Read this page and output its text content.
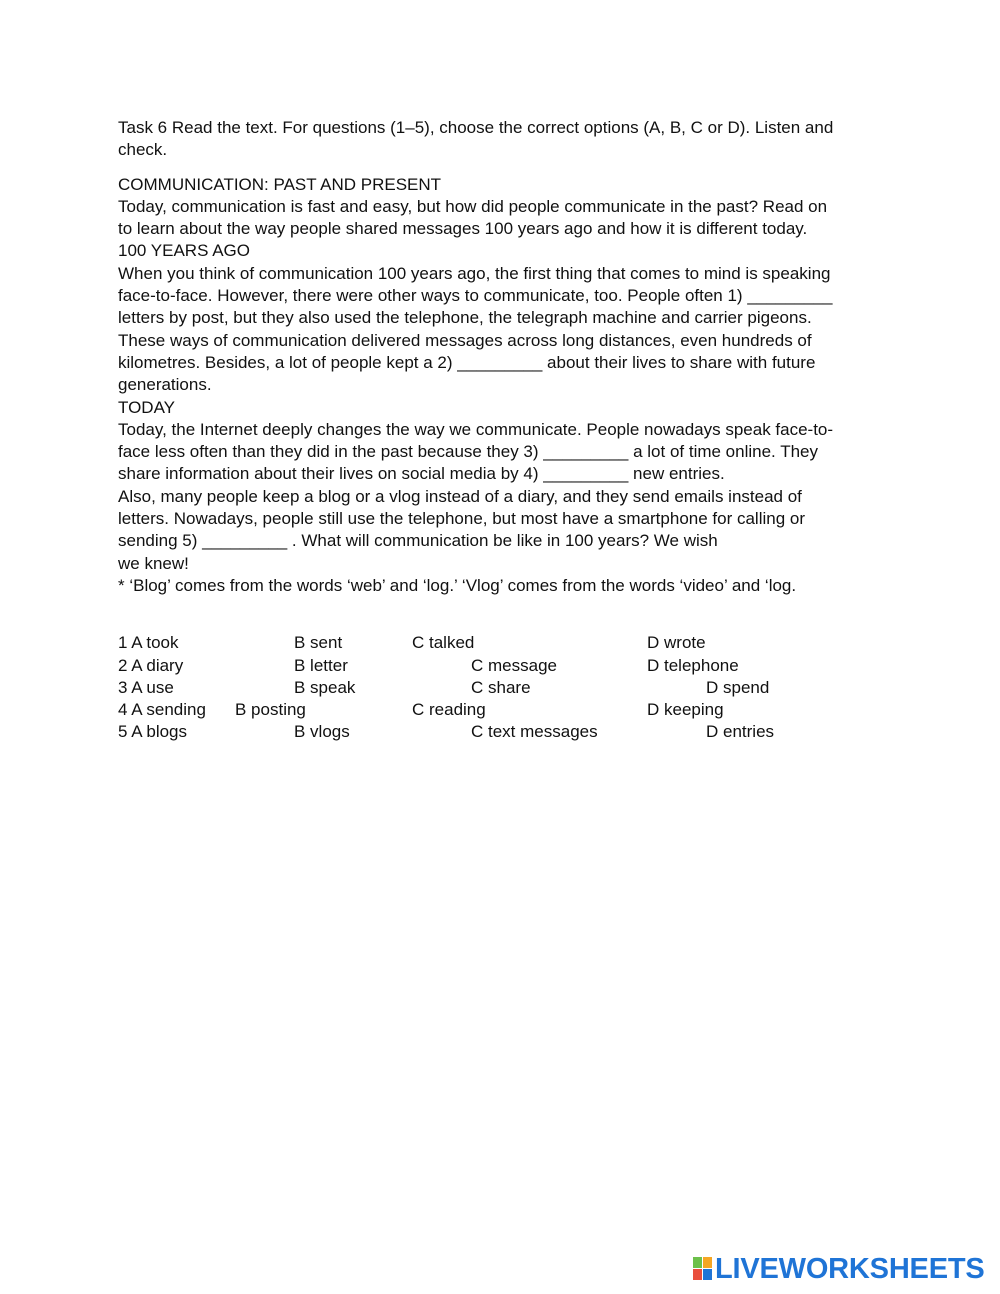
Task 6 Read the text. For questions (1–5), choose the correct options (A, B, C or D). Listen and
check.
COMMUNICATION: PAST AND PRESENT
Today, communication is fast and easy, but how did people communicate in the past? Read on
to learn about the way people shared messages 100 years ago and how it is different today.
100 YEARS AGO
When you think of communication 100 years ago, the first thing that comes to mind is speaking
face-to-face. However, there were other ways to communicate, too. People often 1) _________
letters by post, but they also used the telephone, the telegraph machine and carrier pigeons.
These ways of communication delivered messages across long distances, even hundreds of
kilometres. Besides, a lot of people kept a 2) _________ about their lives to share with future
generations.
TODAY
Today, the Internet deeply changes the way we communicate. People nowadays speak face-to-
face less often than they did in the past because they 3) _________ a lot of time online. They
share information about their lives on social media by 4) _________ new entries.
Also, many people keep a blog or a vlog instead of a diary, and they send emails instead of
letters. Nowadays, people still use the telephone, but most have a smartphone for calling or
sending 5) _________ . What will communication be like in 100 years? We wish
we knew!
* ‘Blog’ comes from the words ‘web’ and ‘log.’ ‘Vlog’ comes from the words ‘video’ and ‘log.
1 A took	B sent	C talked	D wrote
2 A diary	B letter	C message	D telephone
3 A use	B speak	C share	D spend
4 A sending B posting	C reading	D keeping
5 A blogs	B vlogs	C text messages	D entries
LIVEWORKSHEETS
